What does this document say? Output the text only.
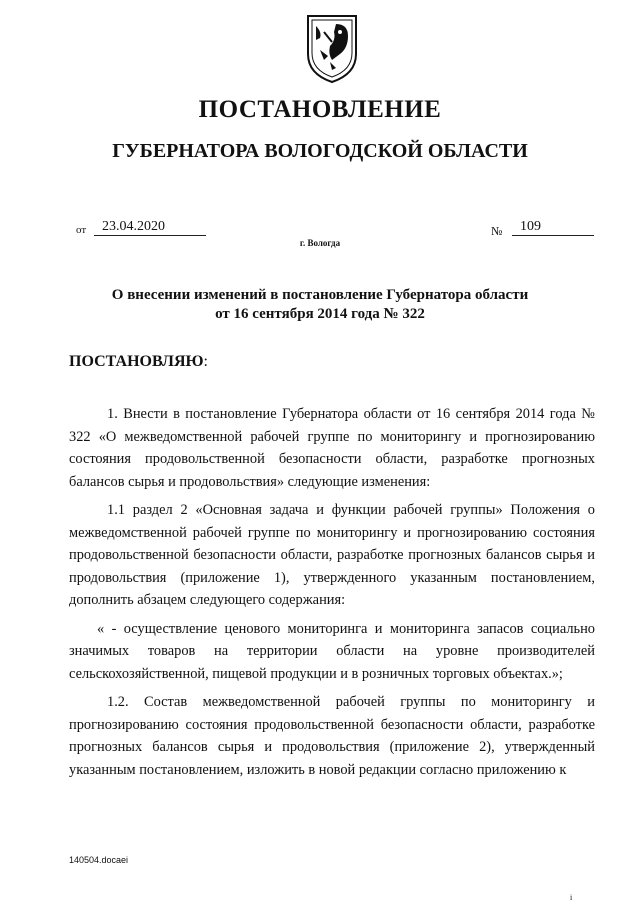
ПОСТАНОВЛЕНИЕ
ГУБЕРНАТОРА ВОЛОГОДСКОЙ ОБЛАСТИ
от	23.04.2020	№	109
г. Вологда
О внесении изменений в постановление Губернатора области
от 16 сентября 2014 года № 322
ПОСТАНОВЛЯЮ:

1. Внести в постановление Губернатора области от 16 сентября 2014 года № 322 «О межведомственной рабочей группе по мониторингу и прогнозированию состояния продовольственной безопасности области, разработке прогнозных балансов сырья и продовольствия» следующие изменения:

1.1 раздел 2 «Основная задача и функции рабочей группы» Положения о межведомственной рабочей группе по мониторингу и прогнозированию состояния продовольственной безопасности области, разработке прогнозных балансов сырья и продовольствия (приложение 1), утвержденного указанным постановлением, дополнить абзацем следующего содержания:

« - осуществление ценового мониторинга и мониторинга запасов социально значимых товаров на территории области на уровне производителей сельскохозяйственной, пищевой продукции и в розничных торговых объектах.»;

1.2. Состав межведомственной рабочей группы по мониторингу и прогнозированию состояния продовольственной безопасности области, разработке прогнозных балансов сырья и продовольствия (приложение 2), утвержденный указанным постановлением, изложить в новой редакции согласно приложению к

140504.docaei
i
